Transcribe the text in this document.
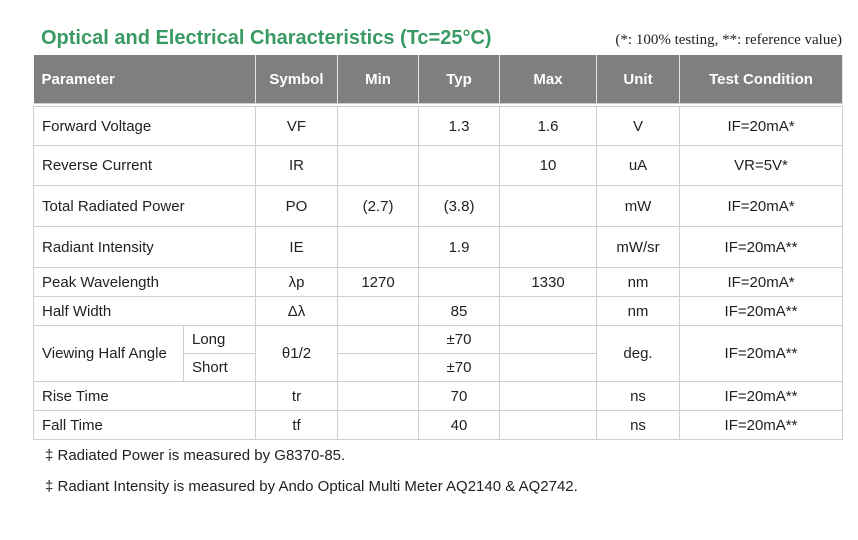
Optical and Electrical Characteristics (Tc=25°C)	(*: 100% testing, **: reference value)
Parameter		Symbol	Min	Typ	Max	Unit	Test Condition

Forward Voltage		VF		1.3	1.6	V	IF=20mA*
Reverse Current		IR			10	uA	VR=5V*
Total Radiated Power		PO	(2.7)	(3.8)		mW	IF=20mA*
Radiant Intensity		IE		1.9		mW/sr	IF=20mA**
Peak Wavelength		λp	1270		1330	nm	IF=20mA*
Half Width		Δλ		85		nm	IF=20mA**
Viewing Half Angle	Long	θ1/2		±70		deg.	IF=20mA**
	Short			±70			
Rise Time		tr		70		ns	IF=20mA**
Fall Time		tf		40		ns	IF=20mA**
‡ Radiated Power is measured by G8370-85.
‡ Radiant Intensity is measured by Ando Optical Multi Meter AQ2140 & AQ2742.
